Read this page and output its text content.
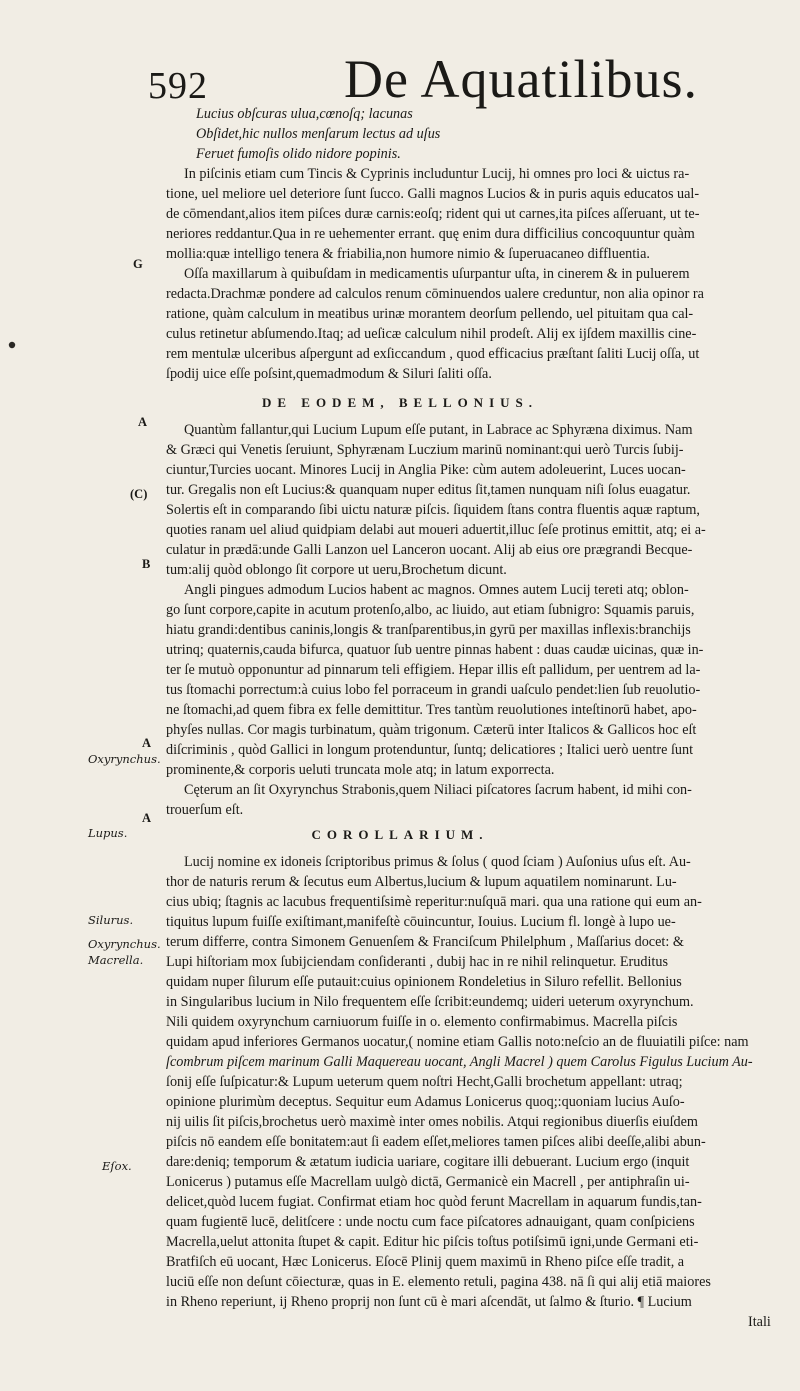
592	De Aquatilibus.
G
A
(C)
B
A
Oxyrynchus.
A
Lupus.
Silurus.
Oxyrynchus.
Macrella.
Eſox.
Lucius obſcuras ulua,cœnoſq; lacunas
Obſidet,hic nullos menſarum lectus ad uſus
Feruet fumoſis olido nidore popinis.
In piſcinis etiam cum Tincis & Cyprinis includuntur Lucij, hi omnes pro loci & uictus ra-
tione, uel meliore uel deteriore ſunt ſucco. Galli magnos Lucios & in puris aquis educatos ual-
de cōmendant,alios item piſces duræ carnis:eoſq; rident qui ut carnes,ita piſces aſſeruant, ut te-
neriores reddantur.Qua in re uehementer errant. quę enim dura difficilius concoquuntur quàm
mollia:quæ intelligo tenera & friabilia,non humore nimio & ſuperuacaneo diffluentia.
Oſſa maxillarum à quibuſdam in medicamentis uſurpantur uſta, in cinerem & in puluerem
redacta.Drachmæ pondere ad calculos renum cōminuendos ualere creduntur, non alia opinor ra
ratione, quàm calculum in meatibus urinæ morantem deorſum pellendo, uel pituitam qua cal-
culus retinetur abſumendo.Itaq; ad ueſicæ calculum nihil prodeſt. Alij ex ijſdem maxillis cine-
rem mentulæ ulceribus aſpergunt ad exſiccandum , quod efficacius præſtant ſaliti Lucij oſſa, ut
ſpodij uice eſſe poſsint,quemadmodum & Siluri ſaliti oſſa.
DE EODEM, BELLONIUS.
Quantùm fallantur,qui Lucium Lupum eſſe putant, in Labrace ac Sphyræna diximus. Nam
& Græci qui Venetis ſeruiunt, Sphyrænam Luczium marinū nominant:qui uerò Turcis ſubij-
ciuntur,Turcies uocant. Minores Lucij in Anglia Pike: cùm autem adoleuerint, Luces uocan-
tur. Gregalis non eſt Lucius:& quanquam nuper editus ſit,tamen nunquam niſi ſolus euagatur.
Solertis eſt in comparando ſibi uictu naturæ piſcis. ſiquidem ſtans contra fluentis aquæ raptum,
quoties ranam uel aliud quidpiam delabi aut moueri aduertit,illuc ſeſe protinus emittit, atq; ei a-
culatur in prædā:unde Galli Lanzon uel Lanceron uocant. Alij ab eius ore prægrandi Becque-
tum:alij quòd oblongo ſit corpore ut ueru,Brochetum dicunt.
Angli pingues admodum Lucios habent ac magnos. Omnes autem Lucij tereti atq; oblon-
go ſunt corpore,capite in acutum protenſo,albo, ac liuido, aut etiam ſubnigro: Squamis paruis,
hiatu grandi:dentibus caninis,longis & tranſparentibus,in gyrū per maxillas inflexis:branchijs
utrinq; quaternis,cauda bifurca, quatuor ſub uentre pinnas habent : duas caudæ uicinas, quæ in-
ter ſe mutuò opponuntur ad pinnarum teli effigiem. Hepar illis eſt pallidum, per uentrem ad la-
tus ſtomachi porrectum:à cuius lobo fel porraceum in grandi uaſculo pendet:lien ſub reuolutio-
ne ſtomachi,ad quem fibra ex felle demittitur. Tres tantùm reuolutiones inteſtinorū habet, apo-
phyſes nullas. Cor magis turbinatum, quàm trigonum. Cæterū inter Italicos & Gallicos hoc eſt
diſcriminis , quòd Gallici in longum protenduntur, ſuntq; delicatiores ; Italici uerò uentre ſunt
prominente,& corporis ueluti truncata mole atq; in latum exporrecta.
Cęterum an ſit Oxyrynchus Strabonis,quem Niliaci piſcatores ſacrum habent, id mihi con-
trouerſum eſt.
COROLLARIUM.
Lucij nomine ex idoneis ſcriptoribus primus & ſolus ( quod ſciam ) Auſonius uſus eſt. Au-
thor de naturis rerum & ſecutus eum Albertus,lucium & lupum aquatilem nominarunt. Lu-
cius ubiq; ſtagnis ac lacubus frequentiſsimè reperitur:nuſquā mari. qua una ratione qui eum an-
tiquitus lupum fuiſſe exiſtimant,manifeſtè cōuincuntur, Iouius. Lucium fl. longè à lupo ue-
terum differre, contra Simonem Genuenſem & Franciſcum Philelphum , Maſſarius docet: &
Lupi hiſtoriam mox ſubijciendam conſideranti , dubij hac in re nihil relinquetur. Eruditus
quidam nuper ſilurum eſſe putauit:cuius opinionem Rondeletius in Siluro refellit. Bellonius
in Singularibus lucium in Nilo frequentem eſſe ſcribit:eundemq; uideri ueterum oxyrynchum.
Nili quidem oxyrynchum carniuorum fuiſſe in o. elemento confirmabimus. Macrella piſcis
quidam apud inferiores Germanos uocatur,( nomine etiam Gallis noto:neſcio an de fluuiatili piſce: nam
ſcombrum piſcem marinum Galli Maquereau uocant, Angli Macrel ) quem Carolus Figulus Lucium Au-
ſonij eſſe ſuſpicatur:& Lupum ueterum quem noſtri Hecht,Galli brochetum appellant: utraq;
opinione plurimùm deceptus. Sequitur eum Adamus Lonicerus quoq;:quoniam lucius Auſo-
nij uilis ſit piſcis,brochetus uerò maximè inter omes nobilis. Atqui regionibus diuerſis eiuſdem
piſcis nō eandem eſſe bonitatem:aut ſi eadem eſſet,meliores tamen piſces alibi deeſſe,alibi abun-
dare:deniq; temporum & ætatum iudicia uariare, cogitare illi debuerant. Lucium ergo (inquit
Lonicerus ) putamus eſſe Macrellam uulgò dictā, Germanicè ein Macrell , per antiphraſin ui-
delicet,quòd lucem fugiat. Confirmat etiam hoc quòd ferunt Macrellam in aquarum fundis,tan-
quam fugientē lucē, delitſcere : unde noctu cum face piſcatores adnauigant, quam conſpiciens
Macrella,uelut attonita ſtupet & capit. Editur hic piſcis toſtus potiſsimū igni,unde Germani eti-
Bratfiſch eū uocant, Hæc Lonicerus. Eſocē Plinij quem maximū in Rheno piſce eſſe tradit, a
luciū eſſe non deſunt cōiecturæ, quas in E. elemento retuli, pagina 438. nā ſi qui alij etiā maiores
in Rheno reperiunt, ij Rheno proprij non ſunt cū è mari aſcendāt, ut ſalmo & ſturio. ¶ Lucium
Itali
